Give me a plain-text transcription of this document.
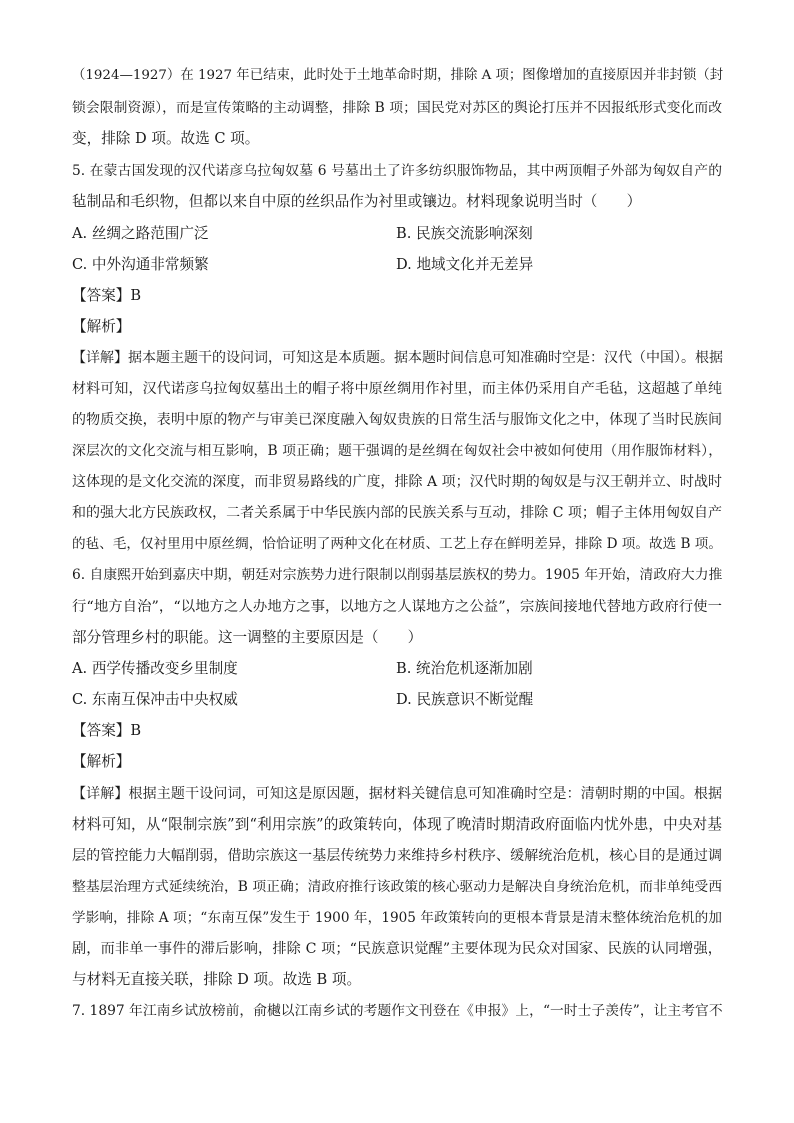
（1924—1927）在 1927 年已结束，此时处于土地革命时期，排除 A 项；图像增加的直接原因并非封锁（封
锁会限制资源），而是宣传策略的主动调整，排除 B 项；国民党对苏区的舆论打压并不因报纸形式变化而改
变，排除 D 项。故选 C 项。
5. 在蒙古国发现的汉代诺彦乌拉匈奴墓 6 号墓出土了许多纺织服饰物品，其中两顶帽子外部为匈奴自产的
毡制品和毛织物，但都以来自中原的丝织品作为衬里或镶边。材料现象说明当时（　　）
A. 丝绸之路范围广泛	B. 民族交流影响深刻
C. 中外沟通非常频繁	D. 地域文化并无差异
【答案】B
【解析】
【详解】据本题主题干的设问词，可知这是本质题。据本题时间信息可知准确时空是：汉代（中国）。根据
材料可知，汉代诺彦乌拉匈奴墓出土的帽子将中原丝绸用作衬里，而主体仍采用自产毛毡，这超越了单纯
的物质交换，表明中原的物产与审美已深度融入匈奴贵族的日常生活与服饰文化之中，体现了当时民族间
深层次的文化交流与相互影响，B 项正确；题干强调的是丝绸在匈奴社会中被如何使用（用作服饰材料），
这体现的是文化交流的深度，而非贸易路线的广度，排除 A 项；汉代时期的匈奴是与汉王朝并立、时战时
和的强大北方民族政权，二者关系属于中华民族内部的民族关系与互动，排除 C 项；帽子主体用匈奴自产
的毡、毛，仅衬里用中原丝绸，恰恰证明了两种文化在材质、工艺上存在鲜明差异，排除 D 项。故选 B 项。
6. 自康熙开始到嘉庆中期，朝廷对宗族势力进行限制以削弱基层族权的势力。1905 年开始，清政府大力推
行“地方自治”，“以地方之人办地方之事，以地方之人谋地方之公益”，宗族间接地代替地方政府行使一
部分管理乡村的职能。这一调整的主要原因是（　　）
A. 西学传播改变乡里制度	B. 统治危机逐渐加剧
C. 东南互保冲击中央权威	D. 民族意识不断觉醒
【答案】B
【解析】
【详解】根据主题干设问词，可知这是原因题，据材料关键信息可知准确时空是：清朝时期的中国。根据
材料可知，从“限制宗族”到“利用宗族”的政策转向，体现了晚清时期清政府面临内忧外患，中央对基
层的管控能力大幅削弱，借助宗族这一基层传统势力来维持乡村秩序、缓解统治危机，核心目的是通过调
整基层治理方式延续统治，B 项正确；清政府推行该政策的核心驱动力是解决自身统治危机，而非单纯受西
学影响，排除 A 项；“东南互保”发生于 1900 年，1905 年政策转向的更根本背景是清末整体统治危机的加
剧，而非单一事件的滞后影响，排除 C 项；“民族意识觉醒”主要体现为民众对国家、民族的认同增强，
与材料无直接关联，排除 D 项。故选 B 项。
7. 1897 年江南乡试放榜前，俞樾以江南乡试的考题作文刊登在《申报》上，“一时士子羡传”，让主考官不
